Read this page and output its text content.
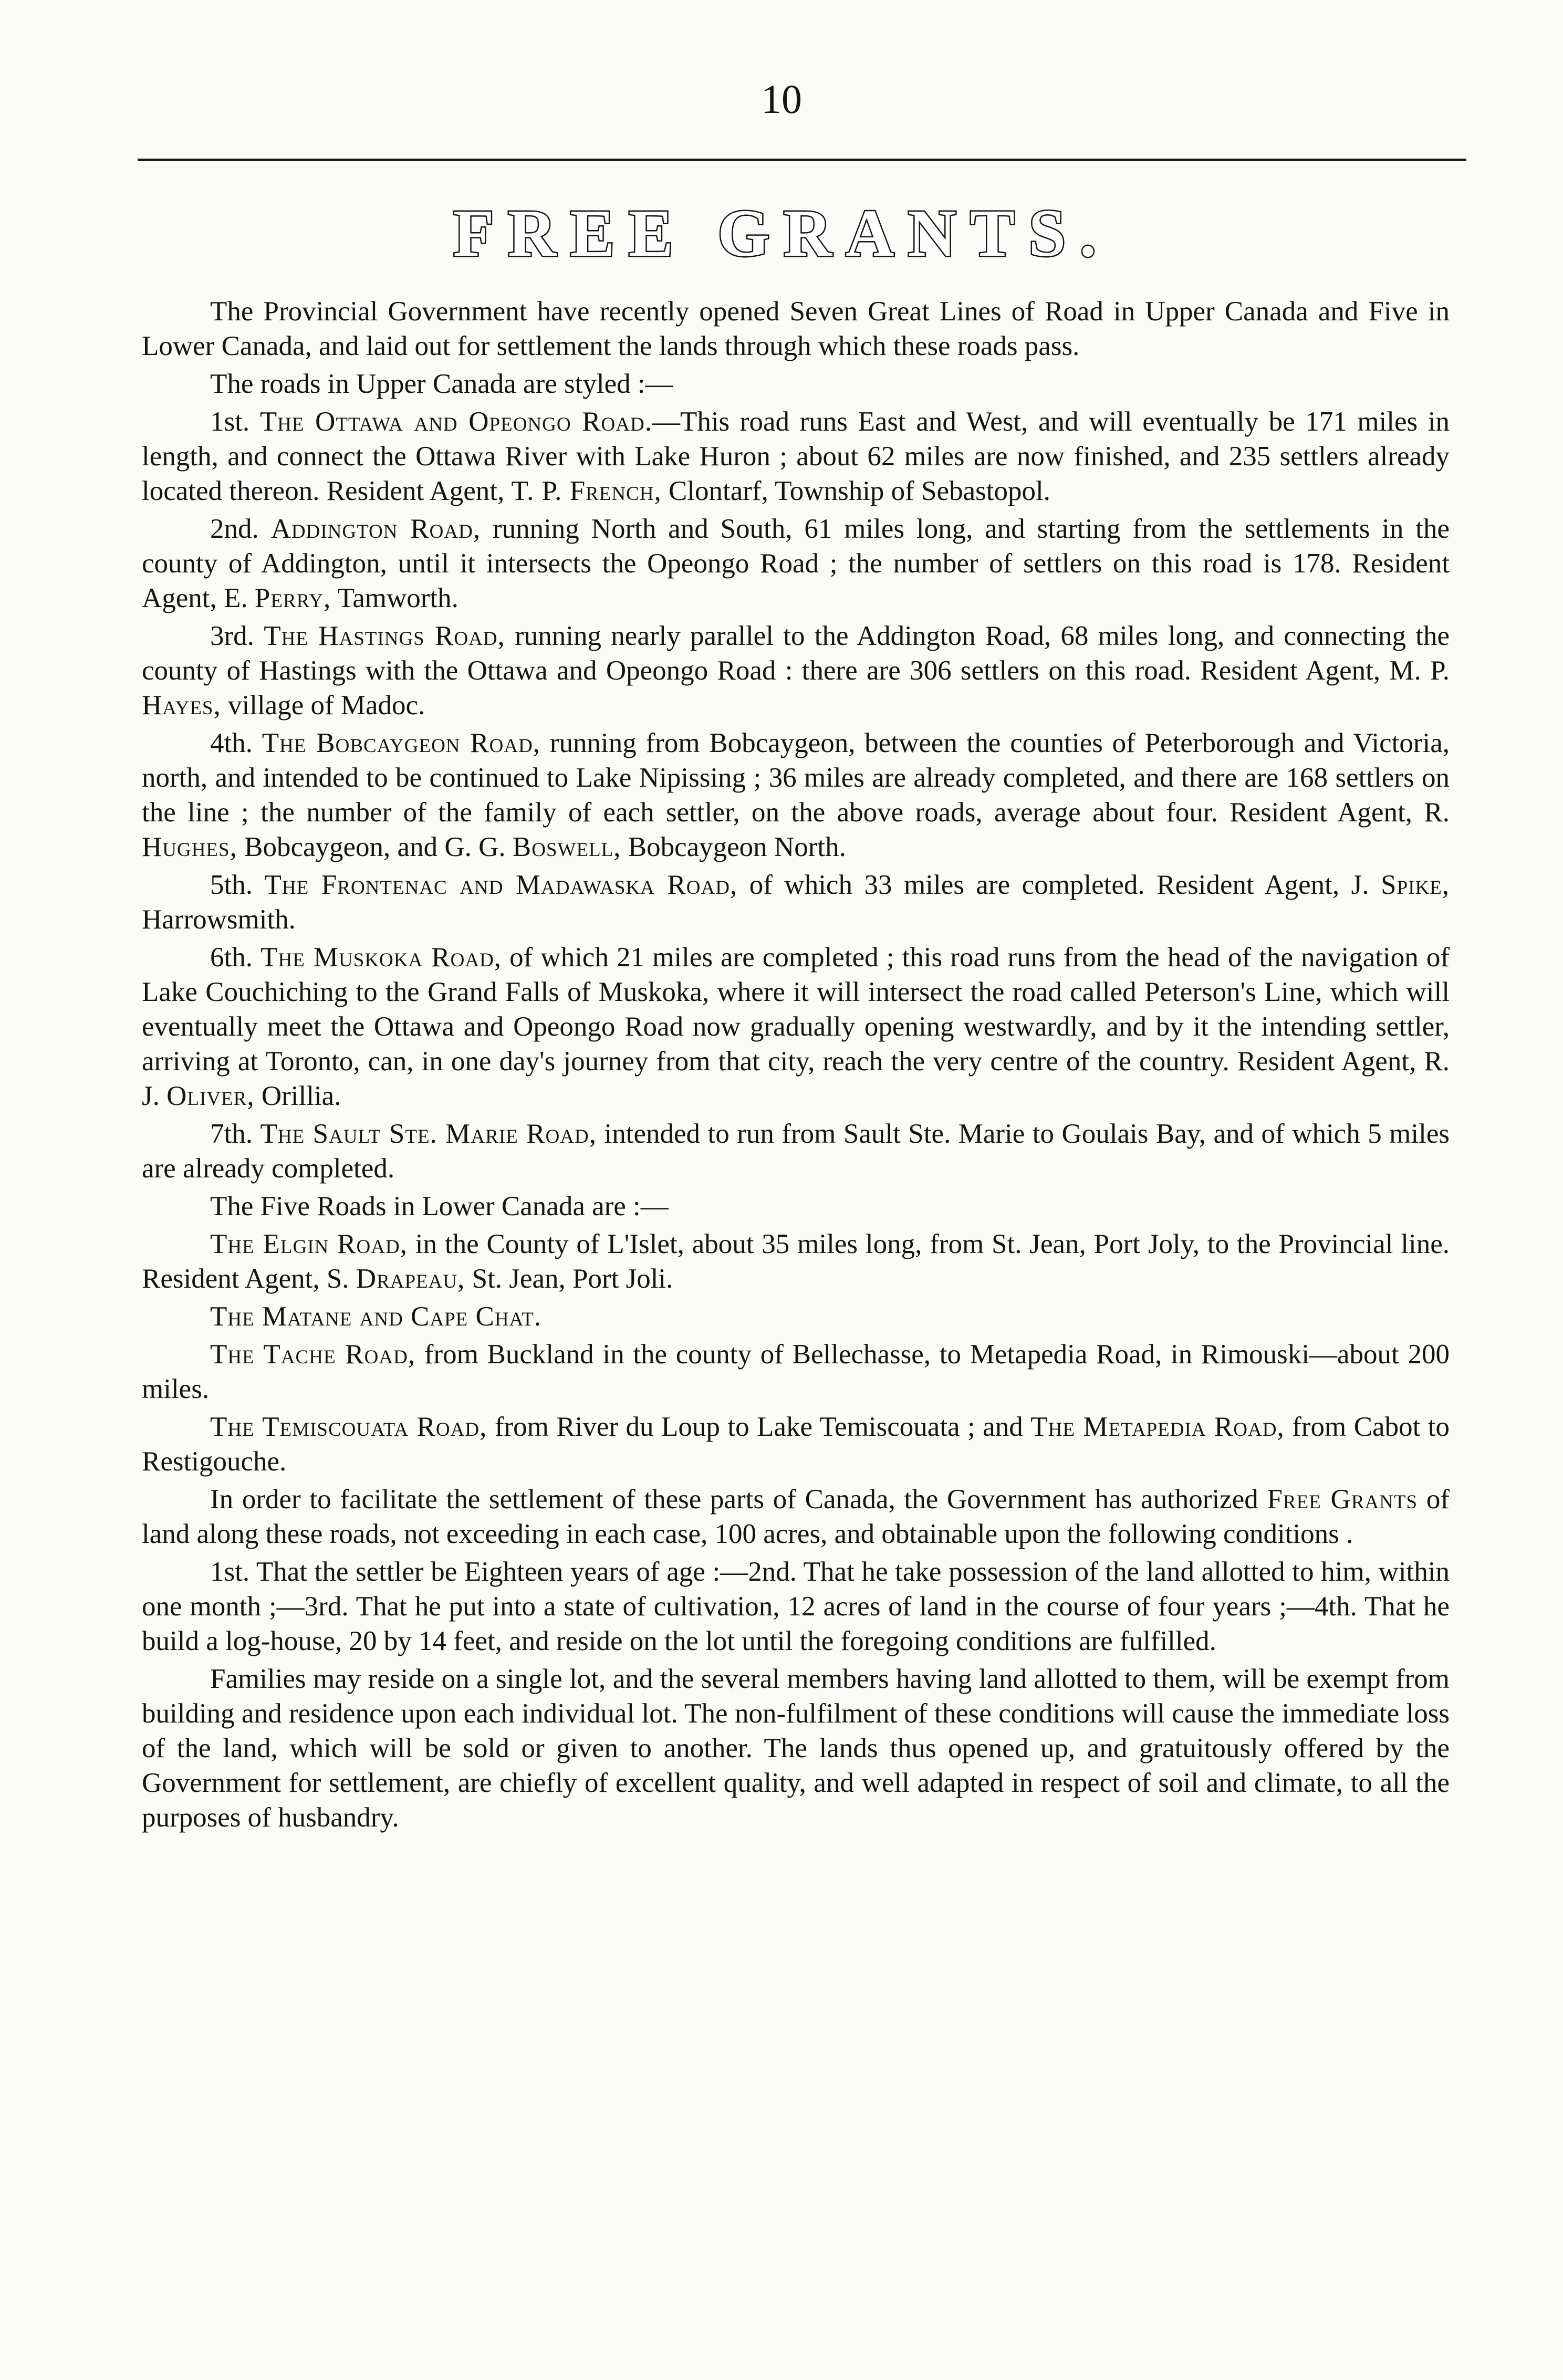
10
FREE GRANTS.

The Provincial Government have recently opened Seven Great Lines of Road in Upper Canada and Five in Lower Canada, and laid out for settlement the lands through which these roads pass.

The roads in Upper Canada are styled :—

1st. The Ottawa and Opeongo Road.—This road runs East and West, and will eventually be 171 miles in length, and connect the Ottawa River with Lake Huron ; about 62 miles are now finished, and 235 settlers already located thereon. Resident Agent, T. P. French, Clontarf, Township of Sebastopol.

2nd. Addington Road, running North and South, 61 miles long, and starting from the settlements in the county of Addington, until it intersects the Opeongo Road ; the number of settlers on this road is 178. Resident Agent, E. Perry, Tamworth.

3rd. The Hastings Road, running nearly parallel to the Addington Road, 68 miles long, and connecting the county of Hastings with the Ottawa and Opeongo Road : there are 306 settlers on this road. Resident Agent, M. P. Hayes, village of Madoc.

4th. The Bobcaygeon Road, running from Bobcaygeon, between the counties of Peterborough and Victoria, north, and intended to be continued to Lake Nipissing ; 36 miles are already completed, and there are 168 settlers on the line ; the number of the family of each settler, on the above roads, average about four. Resident Agent, R. Hughes, Bobcaygeon, and G. G. Boswell, Bobcaygeon North.

5th. The Frontenac and Madawaska Road, of which 33 miles are completed. Resident Agent, J. Spike, Harrowsmith.

6th. The Muskoka Road, of which 21 miles are completed ; this road runs from the head of the navigation of Lake Couchiching to the Grand Falls of Muskoka, where it will intersect the road called Peterson's Line, which will eventually meet the Ottawa and Opeongo Road now gradually opening westwardly, and by it the intending settler, arriving at Toronto, can, in one day's journey from that city, reach the very centre of the country. Resident Agent, R. J. Oliver, Orillia.

7th. The Sault Ste. Marie Road, intended to run from Sault Ste. Marie to Goulais Bay, and of which 5 miles are already completed.

The Five Roads in Lower Canada are :—

The Elgin Road, in the County of L'Islet, about 35 miles long, from St. Jean, Port Joly, to the Provincial line. Resident Agent, S. Drapeau, St. Jean, Port Joli.

The Matane and Cape Chat.

The Tache Road, from Buckland in the county of Bellechasse, to Metapedia Road, in Rimouski—about 200 miles.

The Temiscouata Road, from River du Loup to Lake Temiscouata ; and The Metapedia Road, from Cabot to Restigouche.

In order to facilitate the settlement of these parts of Canada, the Government has authorized Free Grants of land along these roads, not exceeding in each case, 100 acres, and obtainable upon the following conditions .

1st. That the settler be Eighteen years of age :—2nd. That he take possession of the land allotted to him, within one month ;—3rd. That he put into a state of cultivation, 12 acres of land in the course of four years ;—4th. That he build a log-house, 20 by 14 feet, and reside on the lot until the foregoing conditions are fulfilled.

Families may reside on a single lot, and the several members having land allotted to them, will be exempt from building and residence upon each individual lot. The non-fulfilment of these conditions will cause the immediate loss of the land, which will be sold or given to another. The lands thus opened up, and gratuitously offered by the Government for settlement, are chiefly of excellent quality, and well adapted in respect of soil and climate, to all the purposes of husbandry.
